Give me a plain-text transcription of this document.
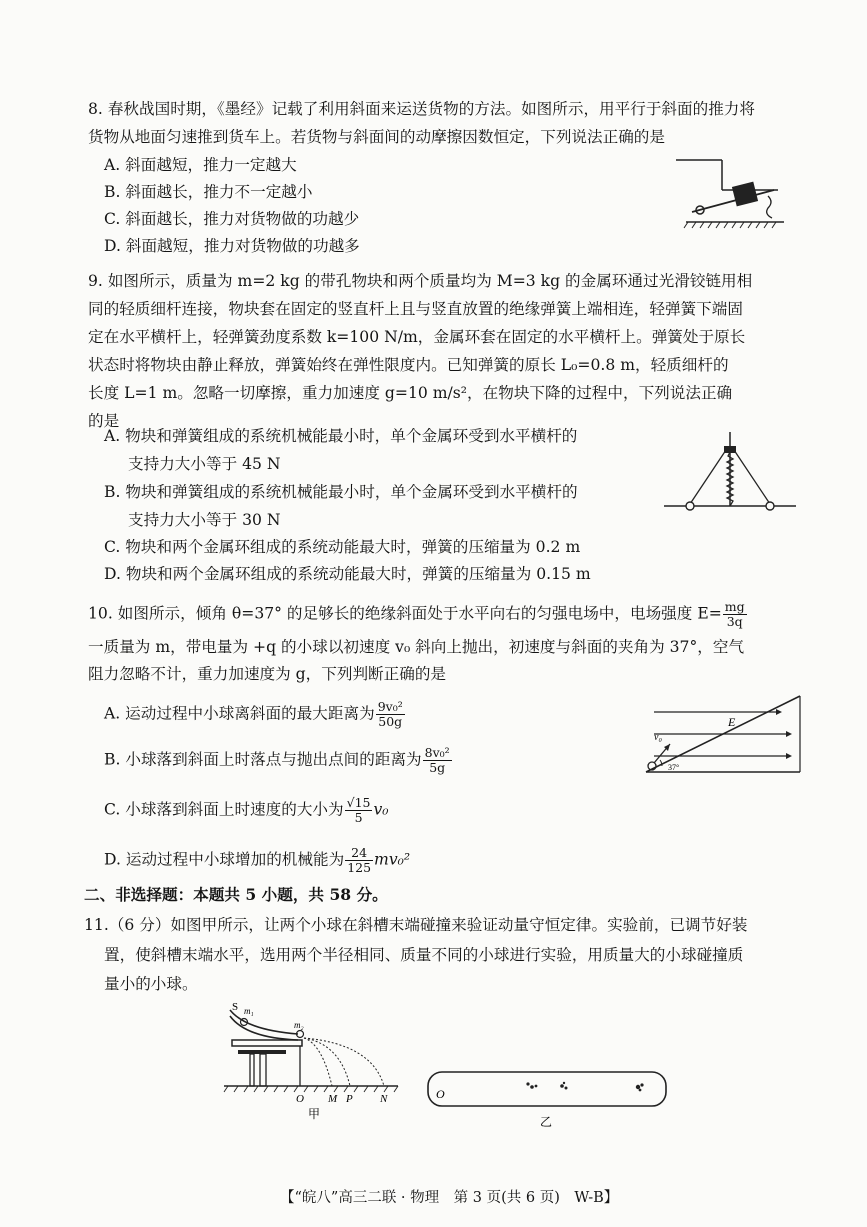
8. 春秋战国时期，《墨经》记载了利用斜面来运送货物的方法。如图所示，用平行于斜面的推力将
货物从地面匀速推到货车上。若货物与斜面间的动摩擦因数恒定，下列说法正确的是
A. 斜面越短，推力一定越大
B. 斜面越长，推力不一定越小
C. 斜面越长，推力对货物做的功越少
D. 斜面越短，推力对货物做的功越多
9. 如图所示，质量为 m=2 kg 的带孔物块和两个质量均为 M=3 kg 的金属环通过光滑铰链用相
同的轻质细杆连接，物块套在固定的竖直杆上且与竖直放置的绝缘弹簧上端相连，轻弹簧下端固
定在水平横杆上，轻弹簧劲度系数 k=100 N/m，金属环套在固定的水平横杆上。弹簧处于原长
状态时将物块由静止释放，弹簧始终在弹性限度内。已知弹簧的原长 L₀=0.8 m，轻质细杆的
长度 L=1 m。忽略一切摩擦，重力加速度 g=10 m/s²，在物块下降的过程中，下列说法正确
的是
A. 物块和弹簧组成的系统机械能最小时，单个金属环受到水平横杆的
支持力大小等于 45 N
B. 物块和弹簧组成的系统机械能最小时，单个金属环受到水平横杆的
支持力大小等于 30 N
C. 物块和两个金属环组成的系统动能最大时，弹簧的压缩量为 0.2 m
D. 物块和两个金属环组成的系统动能最大时，弹簧的压缩量为 0.15 m
10. 如图所示，倾角 θ=37° 的足够长的绝缘斜面处于水平向右的匀强电场中，电场强度 $E= \frac{mg}{3q}$
一质量为 m，带电量为 +q 的小球以初速度 v₀ 斜向上抛出，初速度与斜面的夹角为 37°，空气
阻力忽略不计，重力加速度为 g，下列判断正确的是
A. 运动过程中小球离斜面的最大距离为 $\frac{\text{9v₀²}}{50g}$
B. 小球落到斜面上时落点与抛出点间的距离为 $\frac{\text{8v₀²}}{5g}$
C. 小球落到斜面上时速度的大小为 $\frac{√15}{5} v_0$
D. 运动过程中小球增加的机械能为 $\frac{24}{125} mv_0^2$
E
v₀
37°
二、非选择题：本题共 5 小题，共 58 分。
11.（6 分）如图甲所示，让两个小球在斜槽末端碰撞来验证动量守恒定律。实验前，已调节好装
置，使斜槽末端水平，选用两个半径相同、质量不同的小球进行实验，用质量大的小球碰撞质
量小的小球。
S m₁
m₂
O M P N
甲
O
乙
【“皖八”高三二联 · 物理　第 3 页(共 6 页)　W-B】
